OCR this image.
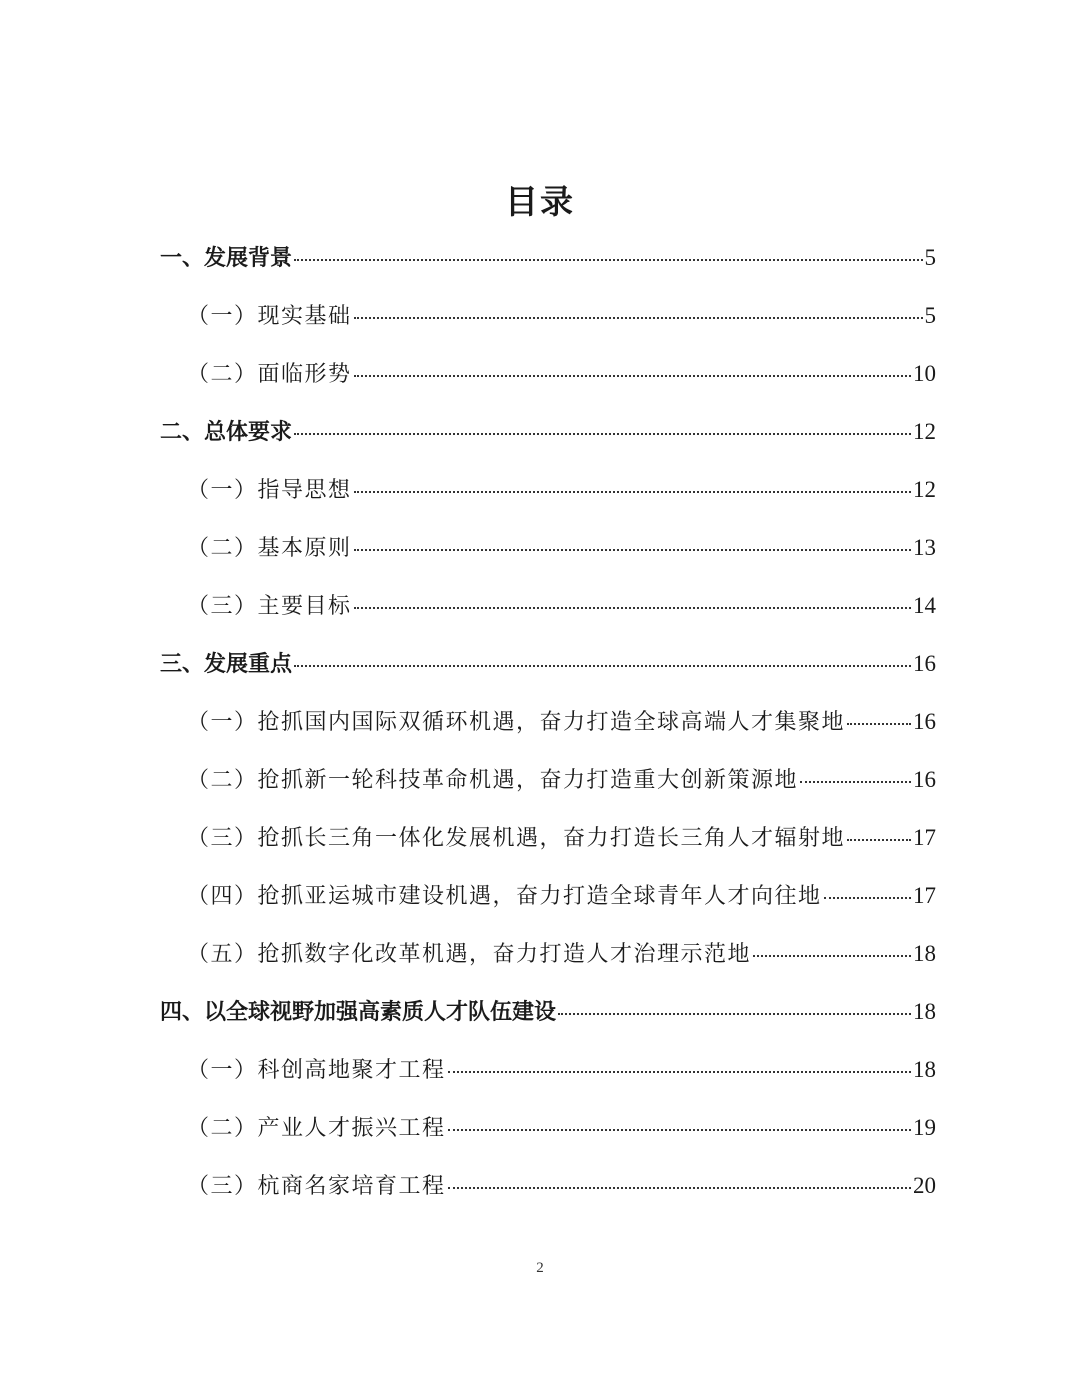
目录
一、发展背景	5
（一）现实基础	5
（二）面临形势	10
二、总体要求	12
（一）指导思想	12
（二）基本原则	13
（三）主要目标	14
三、发展重点	16
（一）抢抓国内国际双循环机遇，奋力打造全球高端人才集聚地	16
（二）抢抓新一轮科技革命机遇，奋力打造重大创新策源地	16
（三）抢抓长三角一体化发展机遇，奋力打造长三角人才辐射地	17
（四）抢抓亚运城市建设机遇，奋力打造全球青年人才向往地	17
（五）抢抓数字化改革机遇，奋力打造人才治理示范地	18
四、以全球视野加强高素质人才队伍建设	18
（一）科创高地聚才工程	18
（二）产业人才振兴工程	19
（三）杭商名家培育工程	20
2
